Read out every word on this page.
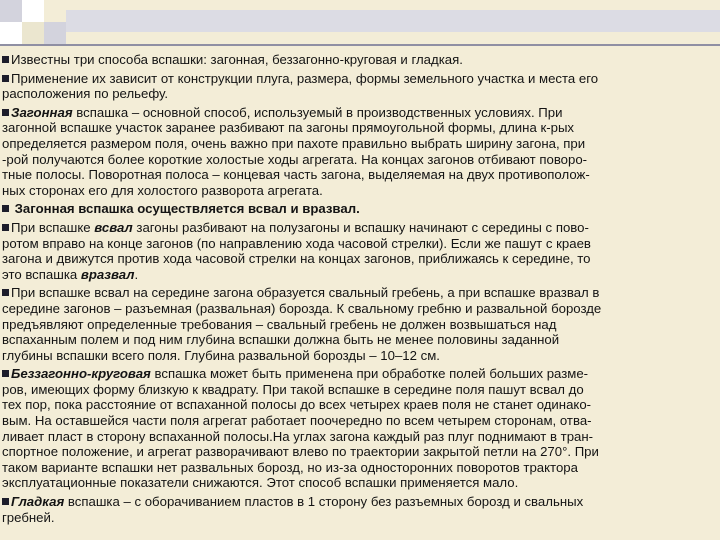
Известны три способа вспашки: загонная, беззагонно-круговая и гладкая.

Применение их зависит от конструкции плуга, размера, формы земельного участка и места его

расположения по рельефу.

Загонная вспашка – основной способ, используемый в производственных условиях. При

загонной вспашке участок заранее разбивают па загоны прямоугольной формы, длина к-рых

определяется размером поля, очень важно при пахоте правильно выбрать ширину загона, при

-рой получаются более короткие холостые ходы агрегата. На концах загонов отбивают поворо-

тные полосы. Поворотная полоса – концевая часть загона, выделяемая на двух противополож-

ных сторонах его для холостого разворота агрегата.

Загонная вспашка осуществляется всвал и вразвал.

При вспашке всвал загоны разбивают на полузагоны и вспашку начинают с середины с пово-

ротом вправо на конце загонов (по направлению хода часовой стрелки). Если же пашут с краев

загона и движутся против хода часовой стрелки на концах загонов, приближаясь к середине, то

это вспашка вразвал.

При вспашке всвал на середине загона образуется свальный гребень, а при вспашке вразвал в

середине загонов – разъемная (развальная) борозда. К свальному гребню и развальной борозде

предъявляют определенные требования – свальный гребень не должен возвышаться над

вспаханным полем и под ним глубина вспашки должна быть не менее половины заданной

глубины вспашки всего поля. Глубина развальной борозды – 10–12 см.

Беззагонно-круговая вспашка может быть применена при обработке полей больших разме-

ров, имеющих форму близкую к квадрату. При такой вспашке в середине поля пашут всвал до

тех пор, пока расстояние от вспаханной полосы до всех четырех краев поля не станет одинако-

вым. На оставшейся части поля агрегат работает поочередно по всем четырем сторонам, отва-

ливает пласт в сторону вспаханной полосы.На углах загона каждый раз плуг поднимают в тран-

спортное положение, и агрегат разворачивают влево по траектории закрытой петли на 270°. При

таком варианте вспашки нет развальных борозд, но из-за односторонних поворотов трактора

эксплуатационные показатели снижаются. Этот способ вспашки применяется мало.

Гладкая вспашка – с оборачиванием пластов в 1 сторону без разъемных борозд и свальных

гребней.
